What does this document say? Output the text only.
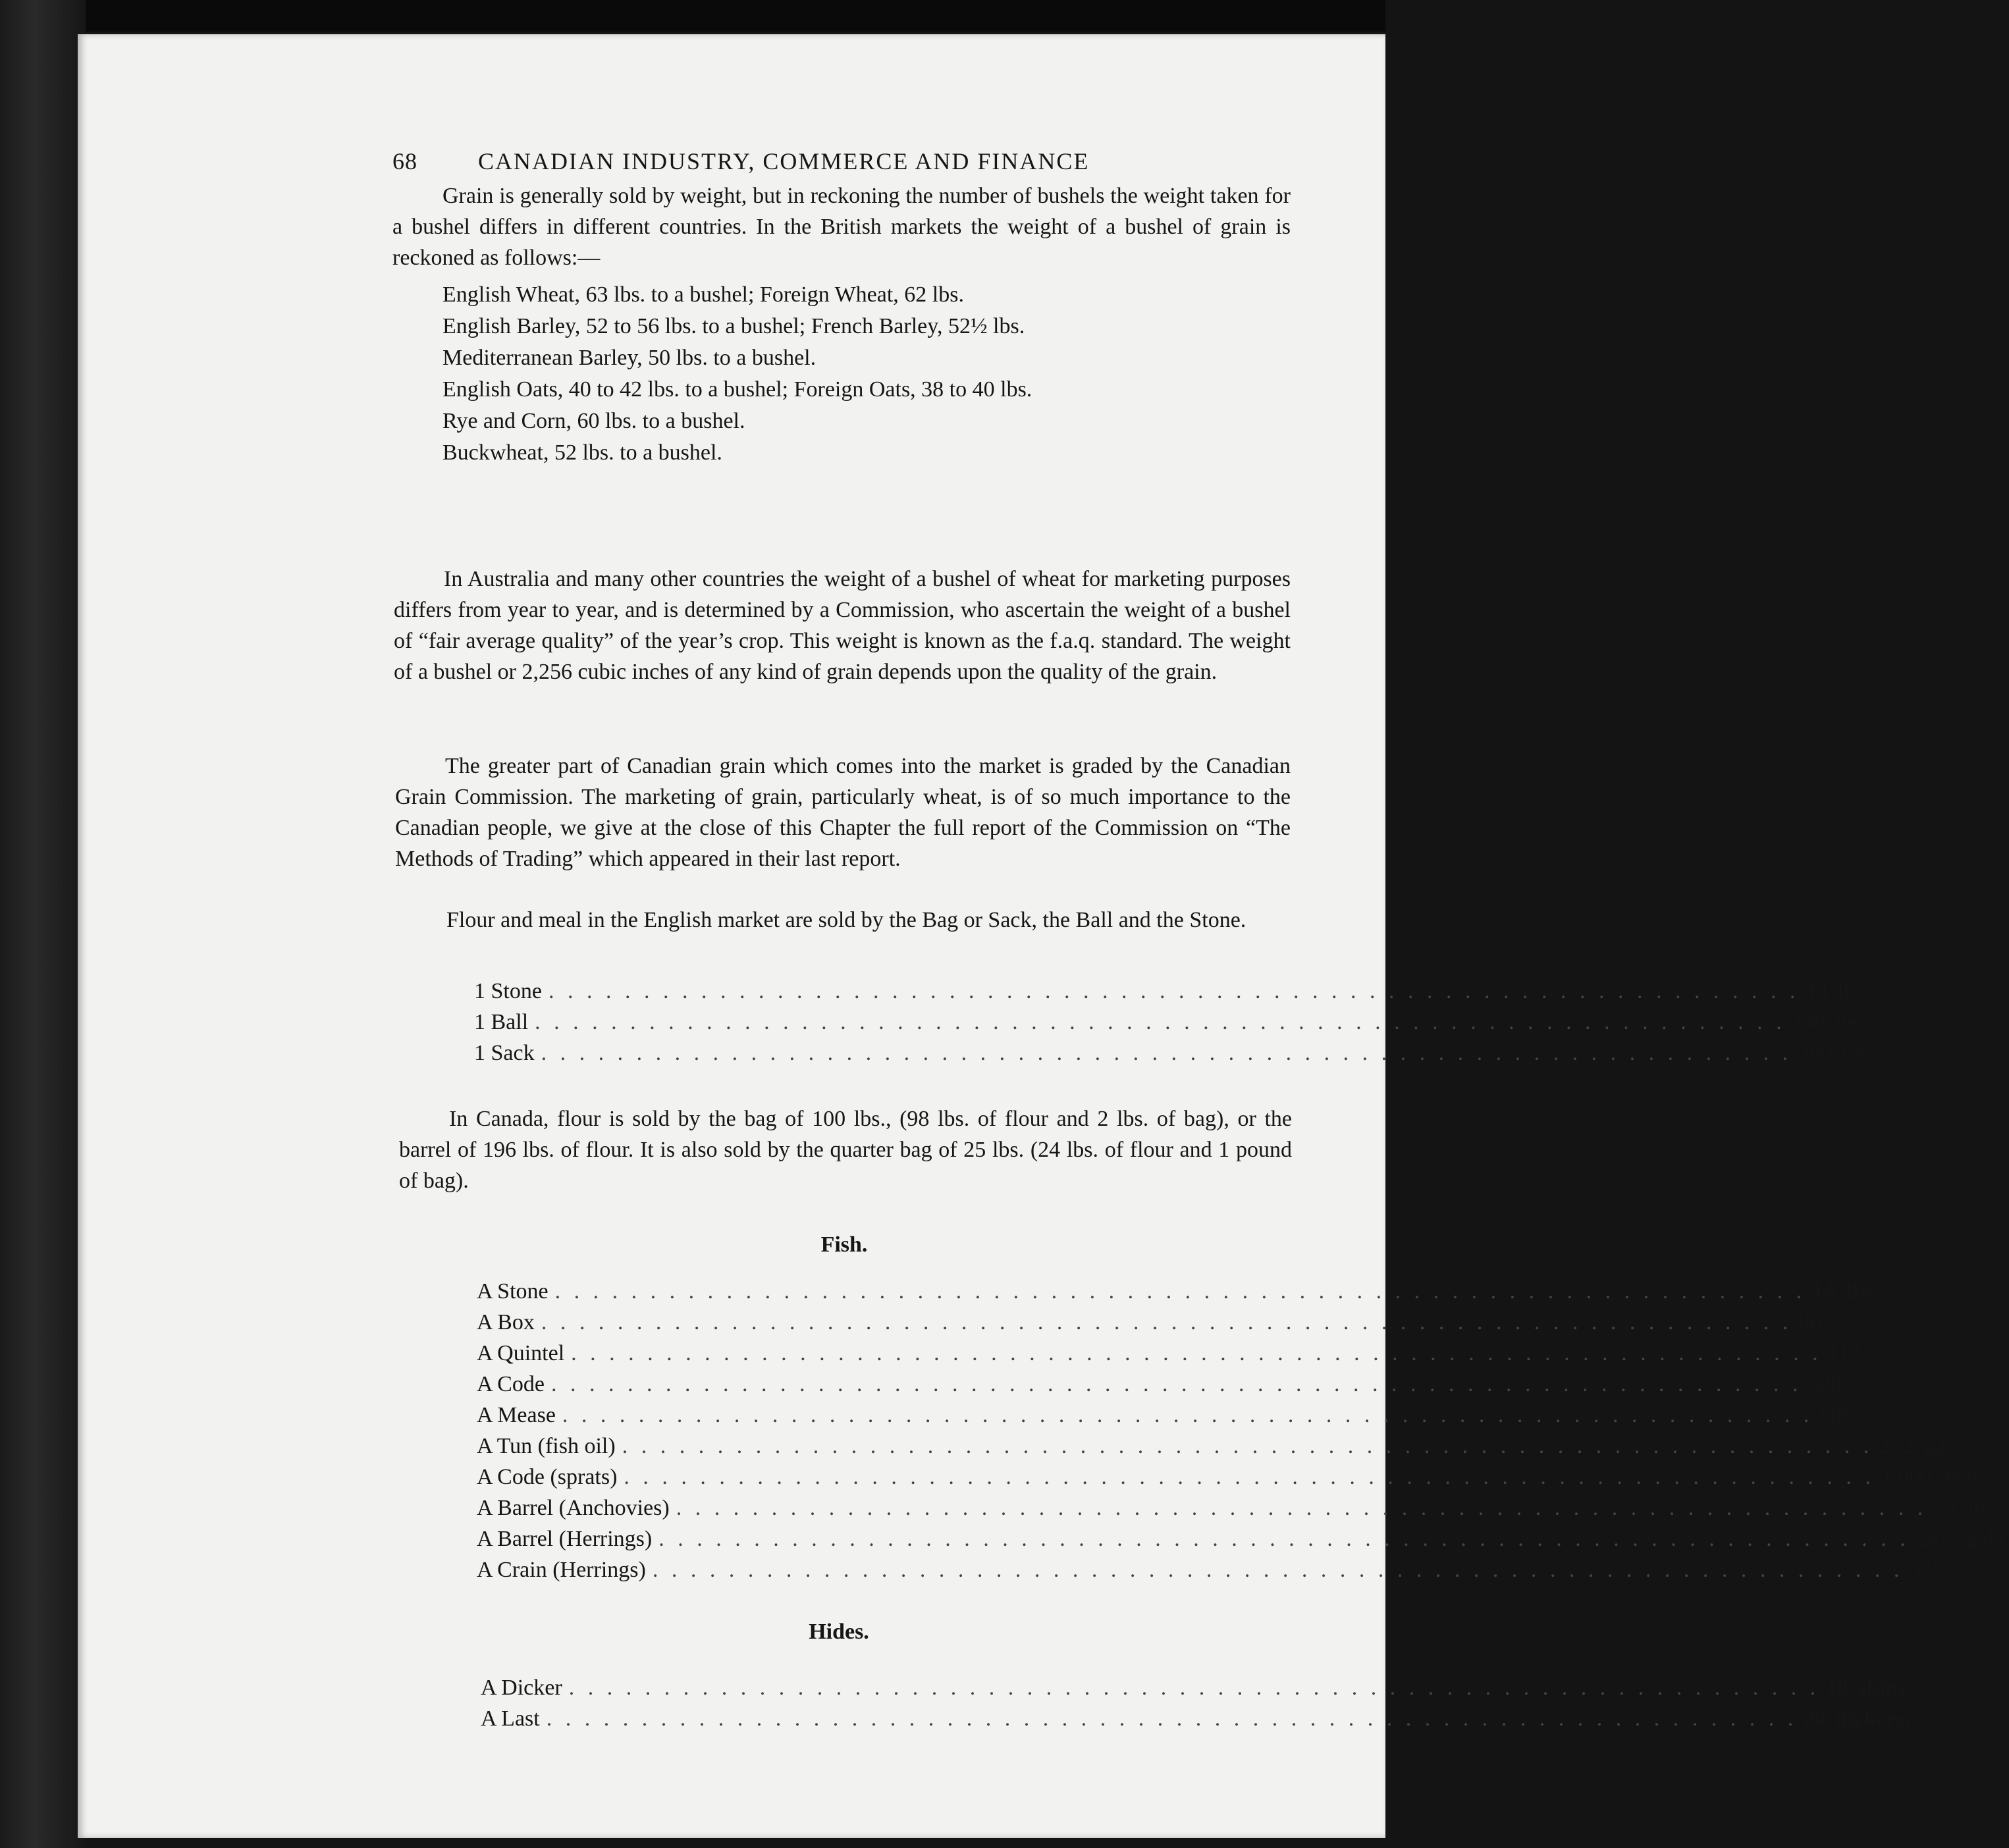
68	CANADIAN INDUSTRY, COMMERCE AND FINANCE

Grain is generally sold by weight, but in reckoning the number of bushels the weight taken for a bushel differs in different countries. In the British markets the weight of a bushel of grain is reckoned as follows:—

English Wheat, 63 lbs. to a bushel; Foreign Wheat, 62 lbs.
English Barley, 52 to 56 lbs. to a bushel; French Barley, 52½ lbs.
Mediterranean Barley, 50 lbs. to a bushel.
English Oats, 40 to 42 lbs. to a bushel; Foreign Oats, 38 to 40 lbs.
Rye and Corn, 60 lbs. to a bushel.
Buckwheat, 52 lbs. to a bushel.

In Australia and many other countries the weight of a bushel of wheat for marketing purposes differs from year to year, and is determined by a Commission, who ascertain the weight of a bushel of “fair average quality” of the year’s crop. This weight is known as the f.a.q. standard. The weight of a bushel or 2,256 cubic inches of any kind of grain depends upon the quality of the grain.

The greater part of Canadian grain which comes into the market is graded by the Canadian Grain Commission. The marketing of grain, particularly wheat, is of so much importance to the Canadian people, we give at the close of this Chapter the full report of the Commission on “The Methods of Trading” which appeared in their last report.

Flour and meal in the English market are sold by the Bag or Sack, the Ball and the Stone.

1 Stone . . . . . . . . . . . . . . . . . . . . . . . . . . . . . . . . . . . . . . . . . . . . . . . . . . . . . . . . . . . . . . . . . . 14 lbs.
1 Ball . . . . . . . . . . . . . . . . . . . . . . . . . . . . . . . . . . . . . . . . . . . . . . . . . . . . . . . . . . . . . . . . . . 140 lbs.
1 Sack . . . . . . . . . . . . . . . . . . . . . . . . . . . . . . . . . . . . . . . . . . . . . . . . . . . . . . . . . . . . . . . . . . 280 lbs.

In Canada, flour is sold by the bag of 100 lbs., (98 lbs. of flour and 2 lbs. of bag), or the barrel of 196 lbs. of flour. It is also sold by the quarter bag of 25 lbs. (24 lbs. of flour and 1 pound of bag).

Fish.
A Stone . . . . . . . . . . . . . . . . . . . . . . . . . . . . . . . . . . . . . . . . . . . . . . . . . . . . . . . . . . . . . . . . . . 14 lbs.
A Box . . . . . . . . . . . . . . . . . . . . . . . . . . . . . . . . . . . . . . . . . . . . . . . . . . . . . . . . . . . . . . . . . . 90 ”
A Quintel . . . . . . . . . . . . . . . . . . . . . . . . . . . . . . . . . . . . . . . . . . . . . . . . . . . . . . . . . . . . . . . . . . 112 ”
A Code . . . . . . . . . . . . . . . . . . . . . . . . . . . . . . . . . . . . . . . . . . . . . . . . . . . . . . . . . . . . . . . . . . 500 ”
A Mease . . . . . . . . . . . . . . . . . . . . . . . . . . . . . . . . . . . . . . . . . . . . . . . . . . . . . . . . . . . . . . . . . . 600 ”
A Tun (fish oil) . . . . . . . . . . . . . . . . . . . . . . . . . . . . . . . . . . . . . . . . . . . . . . . . . . . . . . . . . . . . . . . . . . 252 gals.
A Code (sprats) . . . . . . . . . . . . . . . . . . . . . . . . . . . . . . . . . . . . . . . . . . . . . . . . . . . . . . . . . . . . . . . . . . 1,000 fish.
A Barrel (Anchovies) . . . . . . . . . . . . . . . . . . . . . . . . . . . . . . . . . . . . . . . . . . . . . . . . . . . . . . . . . . . . . . . . . . 30 lbs.
A Barrel (Herrings) . . . . . . . . . . . . . . . . . . . . . . . . . . . . . . . . . . . . . . . . . . . . . . . . . . . . . . . . . . . . . . . . . . 26¾ gals.
A Crain (Herrings) . . . . . . . . . . . . . . . . . . . . . . . . . . . . . . . . . . . . . . . . . . . . . . . . . . . . . . . . . . . . . . . . . . 37½ ”
Hides.
A Dicker . . . . . . . . . . . . . . . . . . . . . . . . . . . . . . . . . . . . . . . . . . . . . . . . . . . . . . . . . . . . . . . . . . 10 skins.
A Last . . . . . . . . . . . . . . . . . . . . . . . . . . . . . . . . . . . . . . . . . . . . . . . . . . . . . . . . . . . . . . . . . . 20 dickers.
